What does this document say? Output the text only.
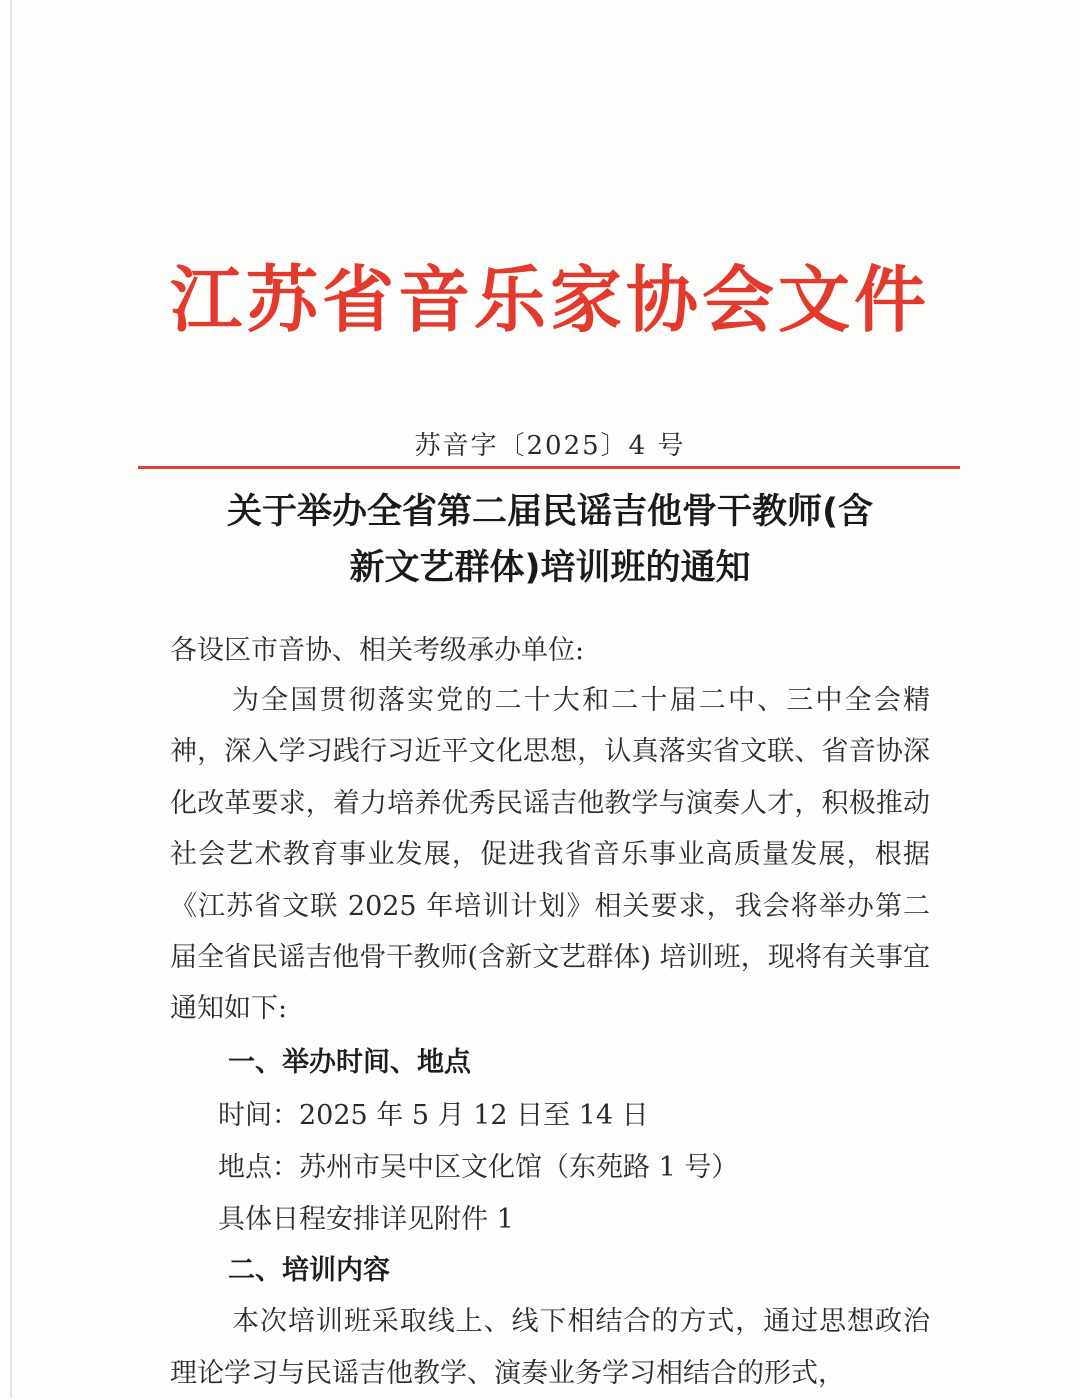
江苏省音乐家协会文件
苏音字〔2025〕4 号
关于举办全省第二届民谣吉他骨干教师(含
新文艺群体)培训班的通知
各设区市音协、相关考级承办单位:
为全国贯彻落实党的二十大和二十届二中、三中全会精神，深入学习践行习近平文化思想，认真落实省文联、省音协深化改革要求，着力培养优秀民谣吉他教学与演奏人才，积极推动社会艺术教育事业发展，促进我省音乐事业高质量发展，根据《江苏省文联 2025 年培训计划》相关要求，我会将举办第二届全省民谣吉他骨干教师(含新文艺群体) 培训班，现将有关事宜通知如下:
一、举办时间、地点
时间：2025 年 5 月 12 日至 14 日
地点：苏州市吴中区文化馆（东苑路 1 号）
具体日程安排详见附件 1
二、培训内容
本次培训班采取线上、线下相结合的方式，通过思想政治理论学习与民谣吉他教学、演奏业务学习相结合的形式，
